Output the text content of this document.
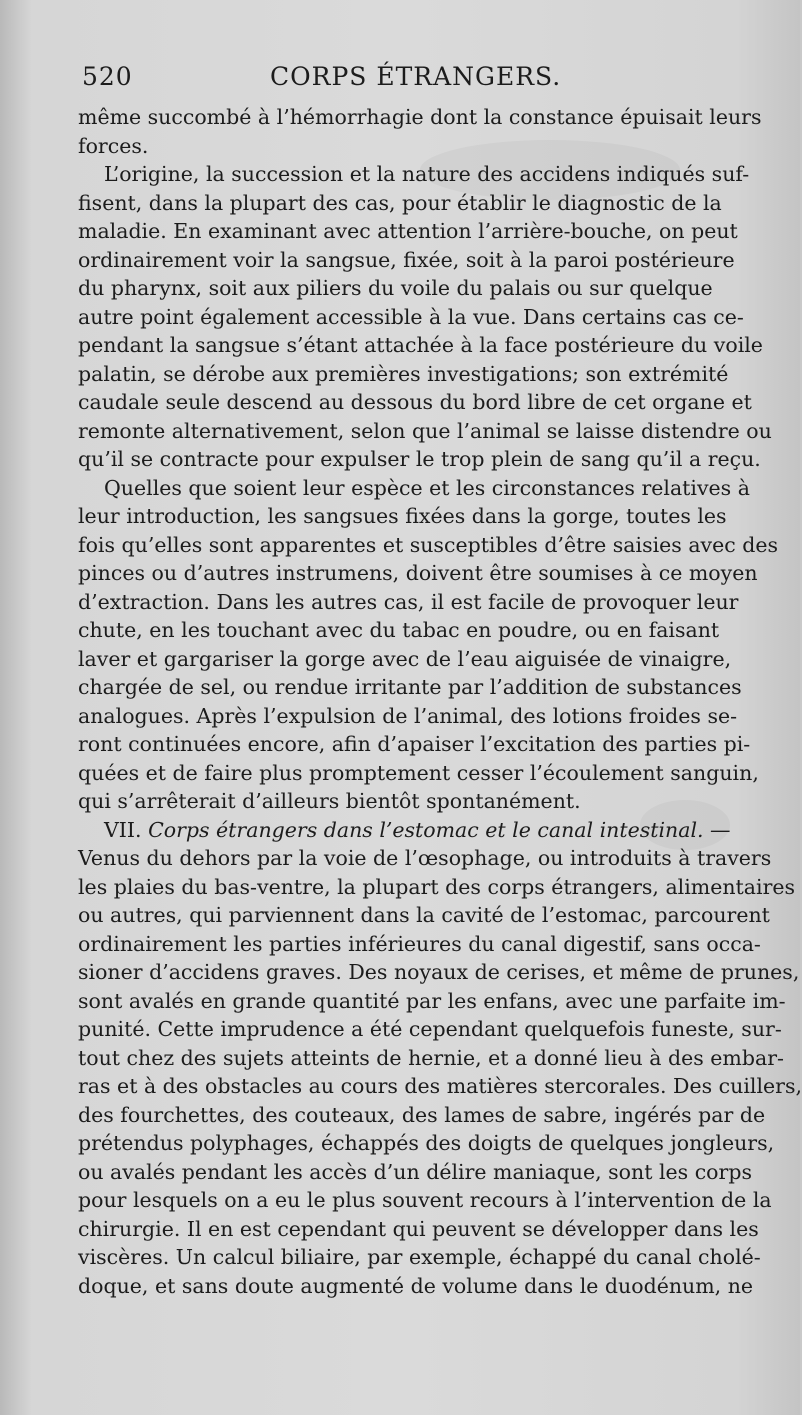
520	CORPS ÉTRANGERS.
même succombé à l’hémorrhagie dont la constance épuisait leurs
forces.
L’origine, la succession et la nature des accidens indiqués suf-
fisent, dans la plupart des cas, pour établir le diagnostic de la
maladie. En examinant avec attention l’arrière-bouche, on peut
ordinairement voir la sangsue, fixée, soit à la paroi postérieure
du pharynx, soit aux piliers du voile du palais ou sur quelque
autre point également accessible à la vue. Dans certains cas ce-
pendant la sangsue s’étant attachée à la face postérieure du voile
palatin, se dérobe aux premières investigations; son extrémité
caudale seule descend au dessous du bord libre de cet organe et
remonte alternativement, selon que l’animal se laisse distendre ou
qu’il se contracte pour expulser le trop plein de sang qu’il a reçu.
Quelles que soient leur espèce et les circonstances relatives à
leur introduction, les sangsues fixées dans la gorge, toutes les
fois qu’elles sont apparentes et susceptibles d’être saisies avec des
pinces ou d’autres instrumens, doivent être soumises à ce moyen
d’extraction. Dans les autres cas, il est facile de provoquer leur
chute, en les touchant avec du tabac en poudre, ou en faisant
laver et gargariser la gorge avec de l’eau aiguisée de vinaigre,
chargée de sel, ou rendue irritante par l’addition de substances
analogues. Après l’expulsion de l’animal, des lotions froides se-
ront continuées encore, afin d’apaiser l’excitation des parties pi-
quées et de faire plus promptement cesser l’écoulement sanguin,
qui s’arrêterait d’ailleurs bientôt spontanément.
VII. Corps étrangers dans l’estomac et le canal intestinal. —
Venus du dehors par la voie de l’œsophage, ou introduits à travers
les plaies du bas-ventre, la plupart des corps étrangers, alimentaires
ou autres, qui parviennent dans la cavité de l’estomac, parcourent
ordinairement les parties inférieures du canal digestif, sans occa-
sioner d’accidens graves. Des noyaux de cerises, et même de prunes,
sont avalés en grande quantité par les enfans, avec une parfaite im-
punité. Cette imprudence a été cependant quelquefois funeste, sur-
tout chez des sujets atteints de hernie, et a donné lieu à des embar-
ras et à des obstacles au cours des matières stercorales. Des cuillers,
des fourchettes, des couteaux, des lames de sabre, ingérés par de
prétendus polyphages, échappés des doigts de quelques jongleurs,
ou avalés pendant les accès d’un délire maniaque, sont les corps
pour lesquels on a eu le plus souvent recours à l’intervention de la
chirurgie. Il en est cependant qui peuvent se développer dans les
viscères. Un calcul biliaire, par exemple, échappé du canal cholé-
doque, et sans doute augmenté de volume dans le duodénum, ne
